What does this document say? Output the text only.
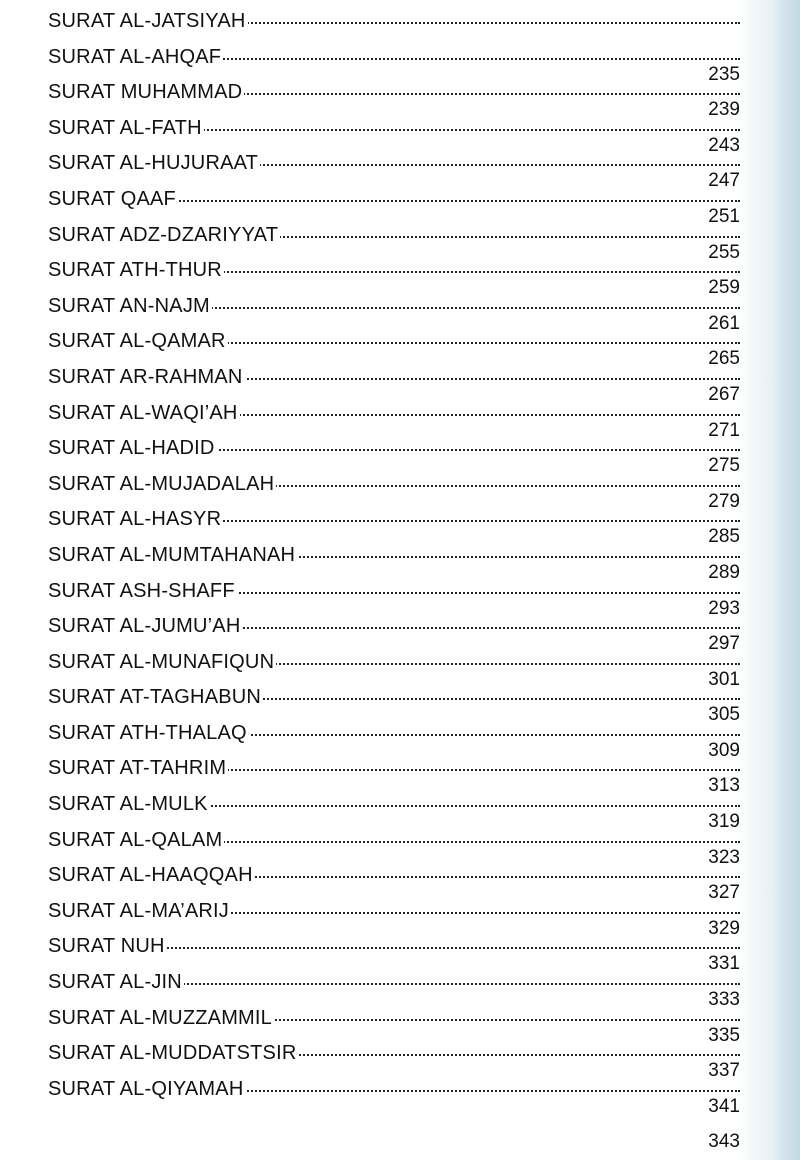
SURAT AL-JATSIYAH
SURAT AL-AHQAF
235
SURAT MUHAMMAD
239
SURAT AL-FATH
243
SURAT AL-HUJURAAT
247
SURAT QAAF
251
SURAT ADZ-DZARIYYAT
255
SURAT ATH-THUR
259
SURAT AN-NAJM
261
SURAT AL-QAMAR
265
SURAT AR-RAHMAN
267
SURAT AL-WAQI’AH
271
SURAT AL-HADID
275
SURAT AL-MUJADALAH
279
SURAT AL-HASYR
285
SURAT AL-MUMTAHANAH
289
SURAT ASH-SHAFF
293
SURAT AL-JUMU’AH
297
SURAT AL-MUNAFIQUN
301
SURAT AT-TAGHABUN
305
SURAT ATH-THALAQ
309
SURAT AT-TAHRIM
313
SURAT AL-MULK
319
SURAT AL-QALAM
323
SURAT AL-HAAQQAH
327
SURAT AL-MA’ARIJ
329
SURAT NUH
331
SURAT AL-JIN
333
SURAT AL-MUZZAMMIL
335
SURAT AL-MUDDATSTSIR
337
SURAT AL-QIYAMAH
341
343
